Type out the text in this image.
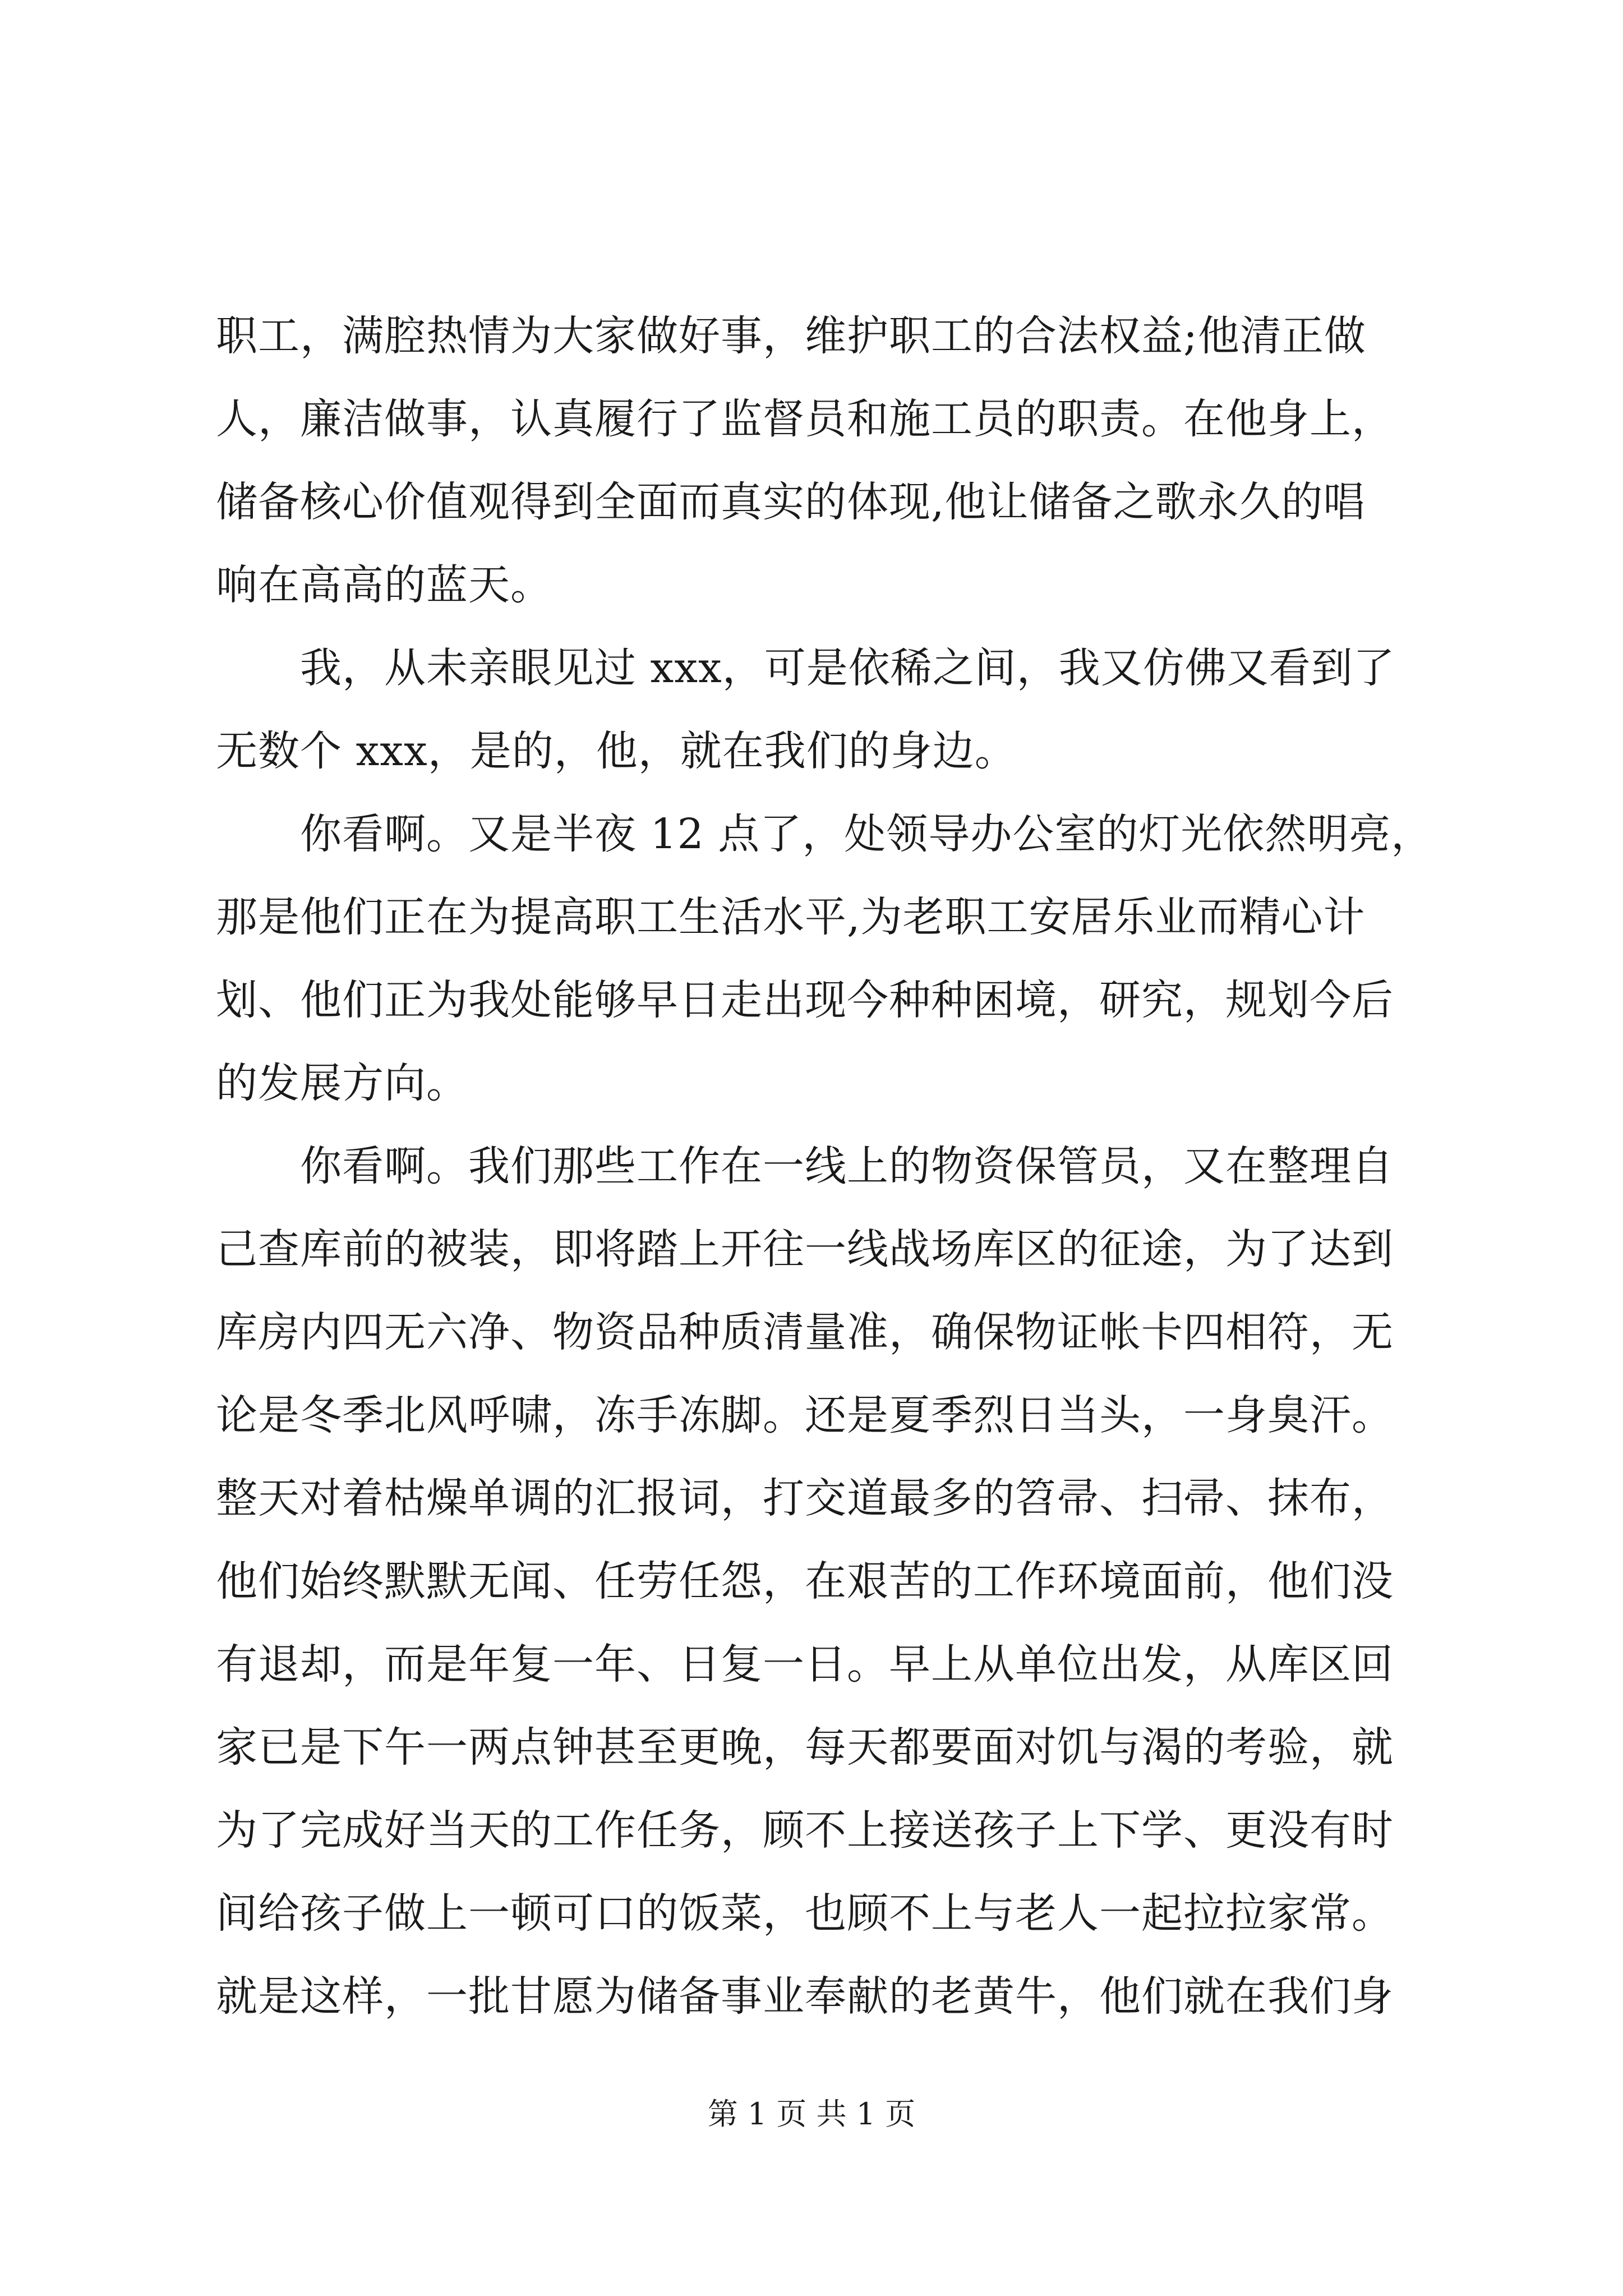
职工，满腔热情为大家做好事，维护职工的合法权益;他清正做
人，廉洁做事，认真履行了监督员和施工员的职责。在他身上，
储备核心价值观得到全面而真实的体现,他让储备之歌永久的唱
响在高高的蓝天。
我，从未亲眼见过 xxx，可是依稀之间，我又仿佛又看到了
无数个 xxx，是的，他，就在我们的身边。
你看啊。又是半夜 12 点了，处领导办公室的灯光依然明亮，
那是他们正在为提高职工生活水平,为老职工安居乐业而精心计
划、他们正为我处能够早日走出现今种种困境，研究，规划今后
的发展方向。
你看啊。我们那些工作在一线上的物资保管员，又在整理自
己查库前的被装，即将踏上开往一线战场库区的征途，为了达到
库房内四无六净、物资品种质清量准，确保物证帐卡四相符，无
论是冬季北风呼啸，冻手冻脚。还是夏季烈日当头，一身臭汗。
整天对着枯燥单调的汇报词，打交道最多的笤帚、扫帚、抹布，
他们始终默默无闻、任劳任怨，在艰苦的工作环境面前，他们没
有退却，而是年复一年、日复一日。早上从单位出发，从库区回
家已是下午一两点钟甚至更晚，每天都要面对饥与渴的考验，就
为了完成好当天的工作任务，顾不上接送孩子上下学、更没有时
间给孩子做上一顿可口的饭菜，也顾不上与老人一起拉拉家常。
就是这样，一批甘愿为储备事业奉献的老黄牛，他们就在我们身
第 1 页 共 1 页
